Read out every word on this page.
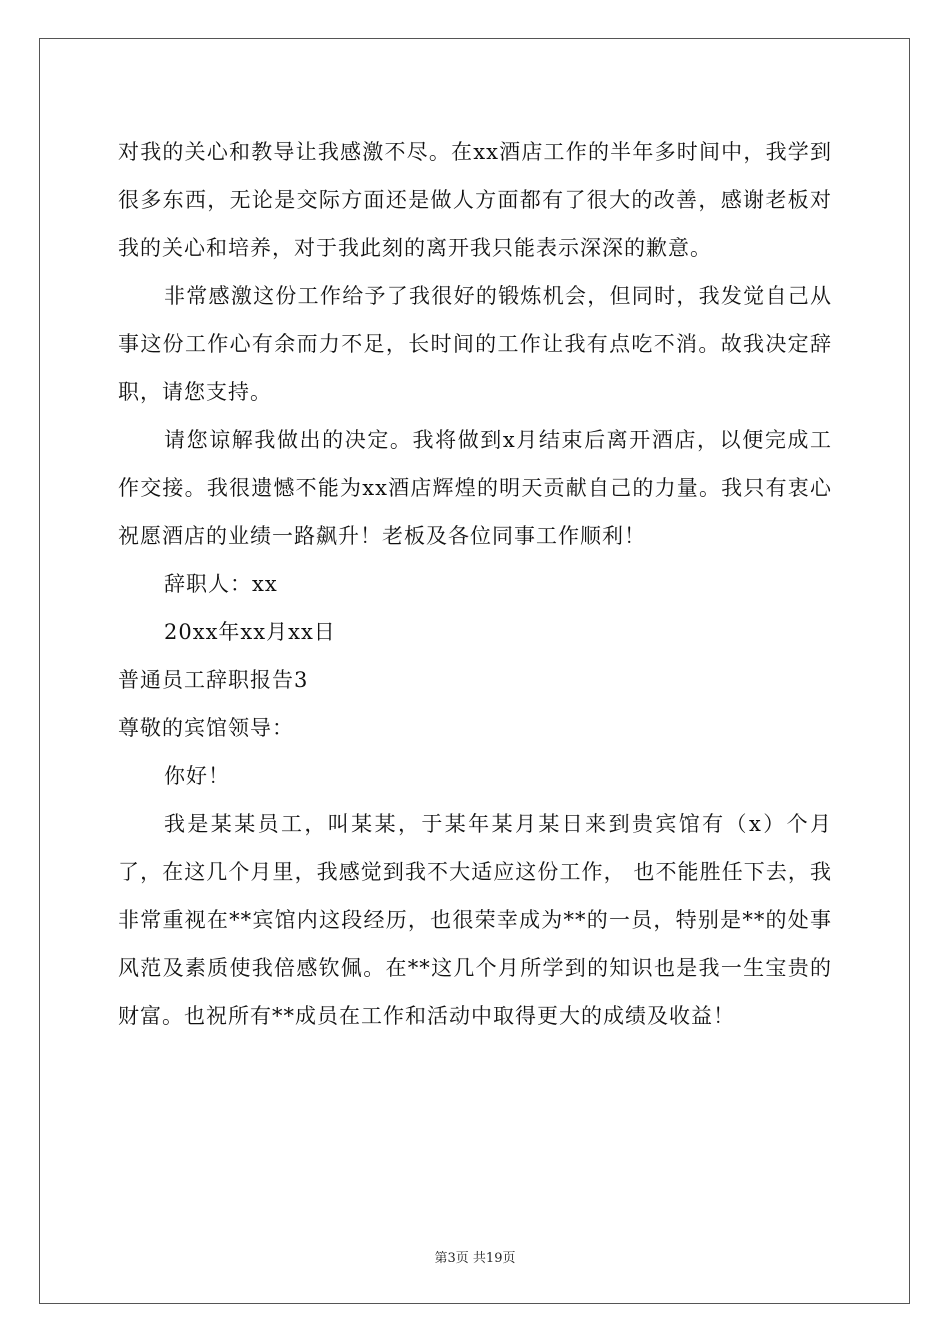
对我的关心和教导让我感激不尽。在xx酒店工作的半年多时间中，我学到很多东西，无论是交际方面还是做人方面都有了很大的改善，感谢老板对我的关心和培养，对于我此刻的离开我只能表示深深的歉意。

非常感激这份工作给予了我很好的锻炼机会，但同时，我发觉自己从事这份工作心有余而力不足，长时间的工作让我有点吃不消。故我决定辞职，请您支持。

请您谅解我做出的决定。我将做到x月结束后离开酒店，以便完成工作交接。我很遗憾不能为xx酒店辉煌的明天贡献自己的力量。我只有衷心祝愿酒店的业绩一路飙升！老板及各位同事工作顺利！

辞职人：xx

20xx年xx月xx日

普通员工辞职报告3

尊敬的宾馆领导：

你好！

我是某某员工，叫某某，于某年某月某日来到贵宾馆有（x）个月了，在这几个月里，我感觉到我不大适应这份工作， 也不能胜任下去，我非常重视在**宾馆内这段经历，也很荣幸成为**的一员，特别是**的处事风范及素质使我倍感钦佩。在**这几个月所学到的知识也是我一生宝贵的财富。也祝所有**成员在工作和活动中取得更大的成绩及收益！

第3页 共19页
